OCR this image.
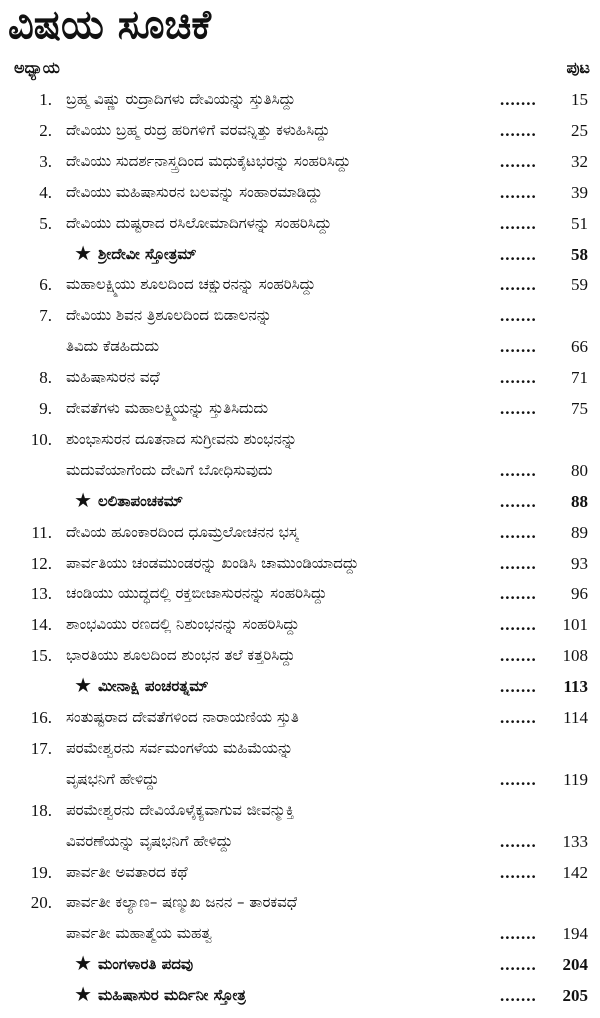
ವಿಷಯ ಸೂಚಿಕೆ
ಅಧ್ಯಾಯ	ಪುಟ
1. ಬ್ರಹ್ಮ ವಿಷ್ಣು ರುದ್ರಾದಿಗಳು ದೇವಿಯನ್ನು ಸ್ತುತಿಸಿದ್ದು	....... 15
2. ದೇವಿಯು ಬ್ರಹ್ಮ ರುದ್ರ ಹರಿಗಳಿಗೆ ವರವನ್ನಿತ್ತು ಕಳುಹಿಸಿದ್ದು	....... 25
3. ದೇವಿಯು ಸುದರ್ಶನಾಸ್ತ್ರದಿಂದ ಮಧುಕೈಟಭರನ್ನು ಸಂಹರಿಸಿದ್ದು	....... 32
4. ದೇವಿಯು ಮಹಿಷಾಸುರನ ಬಲವನ್ನು ಸಂಹಾರಮಾಡಿದ್ದು	....... 39
5. ದೇವಿಯು ದುಷ್ಟರಾದ ರಸಿಲೋಮಾದಿಗಳನ್ನು ಸಂಹರಿಸಿದ್ದು	....... 51
★ ಶ್ರೀದೇವೀ ಸ್ತೋತ್ರಮ್	....... 58
6. ಮಹಾಲಕ್ಷ್ಮಿಯು ಶೂಲದಿಂದ ಚಕ್ಷುರನನ್ನು ಸಂಹರಿಸಿದ್ದು	....... 59
7. ದೇವಿಯು ಶಿವನ ತ್ರಿಶೂಲದಿಂದ ಬಿಡಾಲನನ್ನು	.......
ತಿವಿದು ಕೆಡಹಿದುದು	....... 66
8. ಮಹಿಷಾಸುರನ ವಧೆ	....... 71
9. ದೇವತೆಗಳು ಮಹಾಲಕ್ಷ್ಮಿಯನ್ನು ಸ್ತುತಿಸಿದುದು	....... 75
10. ಶುಂಭಾಸುರನ ದೂತನಾದ ಸುಗ್ರೀವನು ಶುಂಭನನ್ನು
ಮದುವೆಯಾಗೆಂದು ದೇವಿಗೆ ಬೋಧಿಸುವುದು	....... 80
★ ಲಲಿತಾಪಂಚಕಮ್	....... 88
11. ದೇವಿಯ ಹೂಂಕಾರದಿಂದ ಧೂಮ್ರಲೋಚನನ ಭಸ್ಮ	....... 89
12. ಪಾರ್ವತಿಯು ಚಂಡಮುಂಡರನ್ನು ಖಂಡಿಸಿ ಚಾಮುಂಡಿಯಾದದ್ದು	....... 93
13. ಚಂಡಿಯು ಯುದ್ಧದಲ್ಲಿ ರಕ್ತಬೀಜಾಸುರನನ್ನು ಸಂಹರಿಸಿದ್ದು	....... 96
14. ಶಾಂಭವಿಯು ರಣದಲ್ಲಿ ನಿಶುಂಭನನ್ನು ಸಂಹರಿಸಿದ್ದು	....... 101
15. ಭಾರತಿಯು ಶೂಲದಿಂದ ಶುಂಭನ ತಲೆ ಕತ್ತರಿಸಿದ್ದು	....... 108
★ ಮೀನಾಕ್ಷಿ ಪಂಚರತ್ನಮ್	....... 113
16. ಸಂತುಷ್ಟರಾದ ದೇವತೆಗಳಿಂದ ನಾರಾಯಣಿಯ ಸ್ತುತಿ	....... 114
17. ಪರಮೇಶ್ವರನು ಸರ್ವಮಂಗಳೆಯ ಮಹಿಮೆಯನ್ನು
ವೃಷಭನಿಗೆ ಹೇಳಿದ್ದು	....... 119
18. ಪರಮೇಶ್ವರನು ದೇವಿಯೊಳೈಕ್ಯವಾಗುವ ಜೀವನ್ಮುಕ್ತಿ
ವಿವರಣೆಯನ್ನು ವೃಷಭನಿಗೆ ಹೇಳಿದ್ದು	....... 133
19. ಪಾರ್ವತೀ ಅವತಾರದ ಕಥೆ	....... 142
20. ಪಾರ್ವತೀ ಕಲ್ಯಾಣ– ಷಣ್ಮುಖ ಜನನ – ತಾರಕವಧೆ
ಪಾರ್ವತೀ ಮಹಾತ್ಮೆಯ ಮಹತ್ವ	....... 194
★ ಮಂಗಳಾರತಿ ಪದವು	....... 204
★ ಮಹಿಷಾಸುರ ಮರ್ದಿನೀ ಸ್ತೋತ್ರ	....... 205
